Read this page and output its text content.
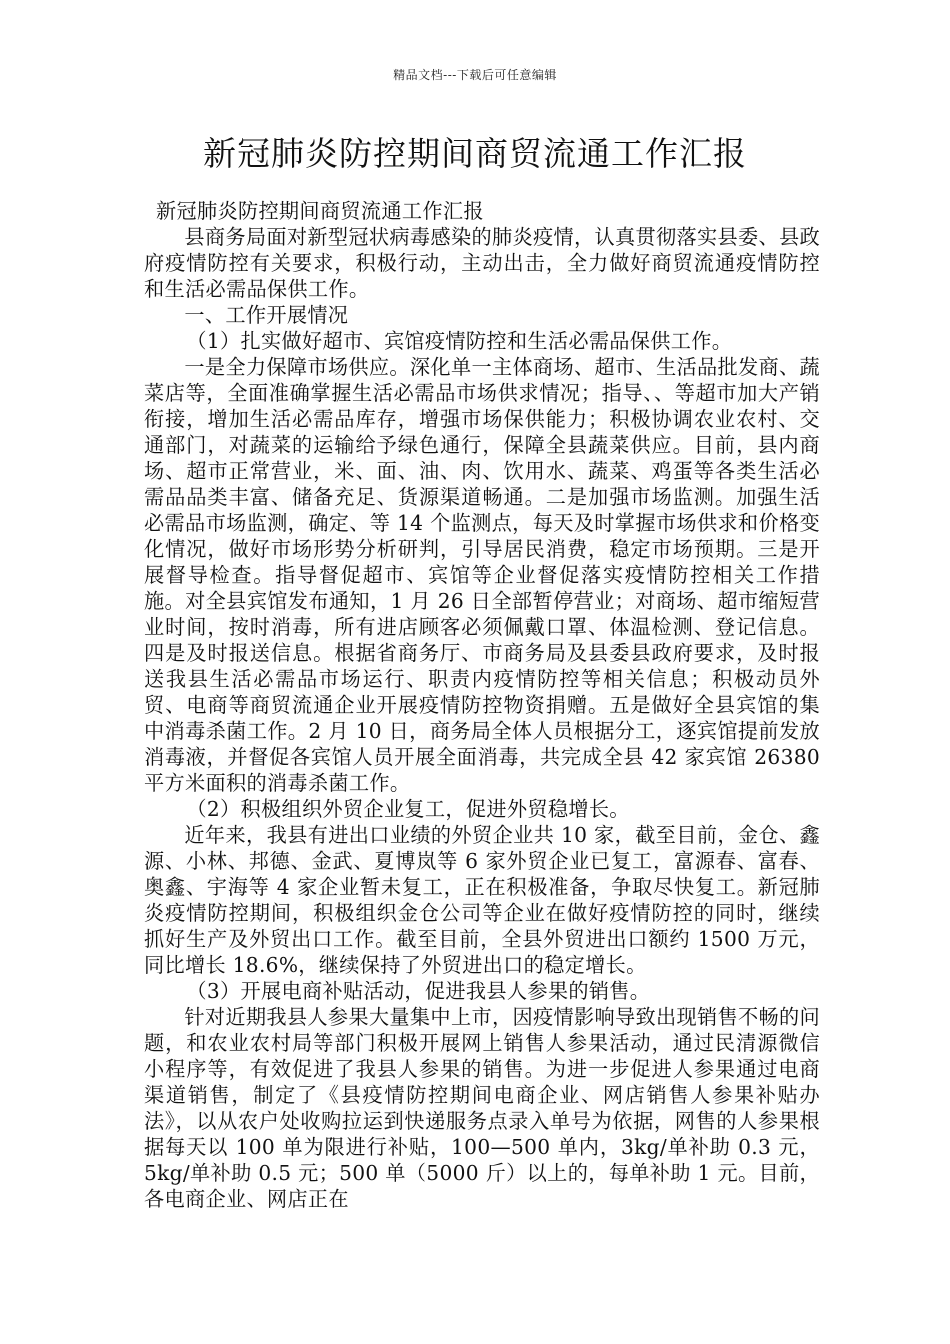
精品文档---下载后可任意编辑
新冠肺炎防控期间商贸流通工作汇报

新冠肺炎防控期间商贸流通工作汇报

县商务局面对新型冠状病毒感染的肺炎疫情，认真贯彻落实县委、县政府疫情防控有关要求，积极行动，主动出击，全力做好商贸流通疫情防控和生活必需品保供工作。

一、工作开展情况

（1）扎实做好超市、宾馆疫情防控和生活必需品保供工作。

一是全力保障市场供应。深化单一主体商场、超市、生活品批发商、蔬菜店等，全面准确掌握生活必需品市场供求情况；指导、、等超市加大产销衔接，增加生活必需品库存，增强市场保供能力；积极协调农业农村、交通部门，对蔬菜的运输给予绿色通行，保障全县蔬菜供应。目前，县内商场、超市正常营业，米、面、油、肉、饮用水、蔬菜、鸡蛋等各类生活必需品品类丰富、储备充足、货源渠道畅通。二是加强市场监测。加强生活必需品市场监测，确定、等 14 个监测点，每天及时掌握市场供求和价格变化情况，做好市场形势分析研判，引导居民消费，稳定市场预期。三是开展督导检查。指导督促超市、宾馆等企业督促落实疫情防控相关工作措施。对全县宾馆发布通知，1 月 26 日全部暂停营业；对商场、超市缩短营业时间，按时消毒，所有进店顾客必须佩戴口罩、体温检测、登记信息。四是及时报送信息。根据省商务厅、市商务局及县委县政府要求，及时报送我县生活必需品市场运行、职责内疫情防控等相关信息；积极动员外贸、电商等商贸流通企业开展疫情防控物资捐赠。五是做好全县宾馆的集中消毒杀菌工作。2 月 10 日，商务局全体人员根据分工，逐宾馆提前发放消毒液，并督促各宾馆人员开展全面消毒，共完成全县 42 家宾馆 26380 平方米面积的消毒杀菌工作。

（2）积极组织外贸企业复工，促进外贸稳增长。

近年来，我县有进出口业绩的外贸企业共 10 家，截至目前，金仓、鑫源、小林、邦德、金武、夏博岚等 6 家外贸企业已复工，富源春、富春、奥鑫、宇海等 4 家企业暂未复工，正在积极准备，争取尽快复工。新冠肺炎疫情防控期间，积极组织金仓公司等企业在做好疫情防控的同时，继续抓好生产及外贸出口工作。截至目前，全县外贸进出口额约 1500 万元，同比增长 18.6%，继续保持了外贸进出口的稳定增长。

（3）开展电商补贴活动，促进我县人参果的销售。

针对近期我县人参果大量集中上市，因疫情影响导致出现销售不畅的问题，和农业农村局等部门积极开展网上销售人参果活动，通过民清源微信小程序等，有效促进了我县人参果的销售。为进一步促进人参果通过电商渠道销售，制定了《县疫情防控期间电商企业、网店销售人参果补贴办法》，以从农户处收购拉运到快递服务点录入单号为依据，网售的人参果根据每天以 100 单为限进行补贴，100—500 单内，3kg/单补助 0.3 元，5kg/单补助 0.5 元；500 单（5000 斤）以上的，每单补助 1 元。目前，各电商企业、网店正在
